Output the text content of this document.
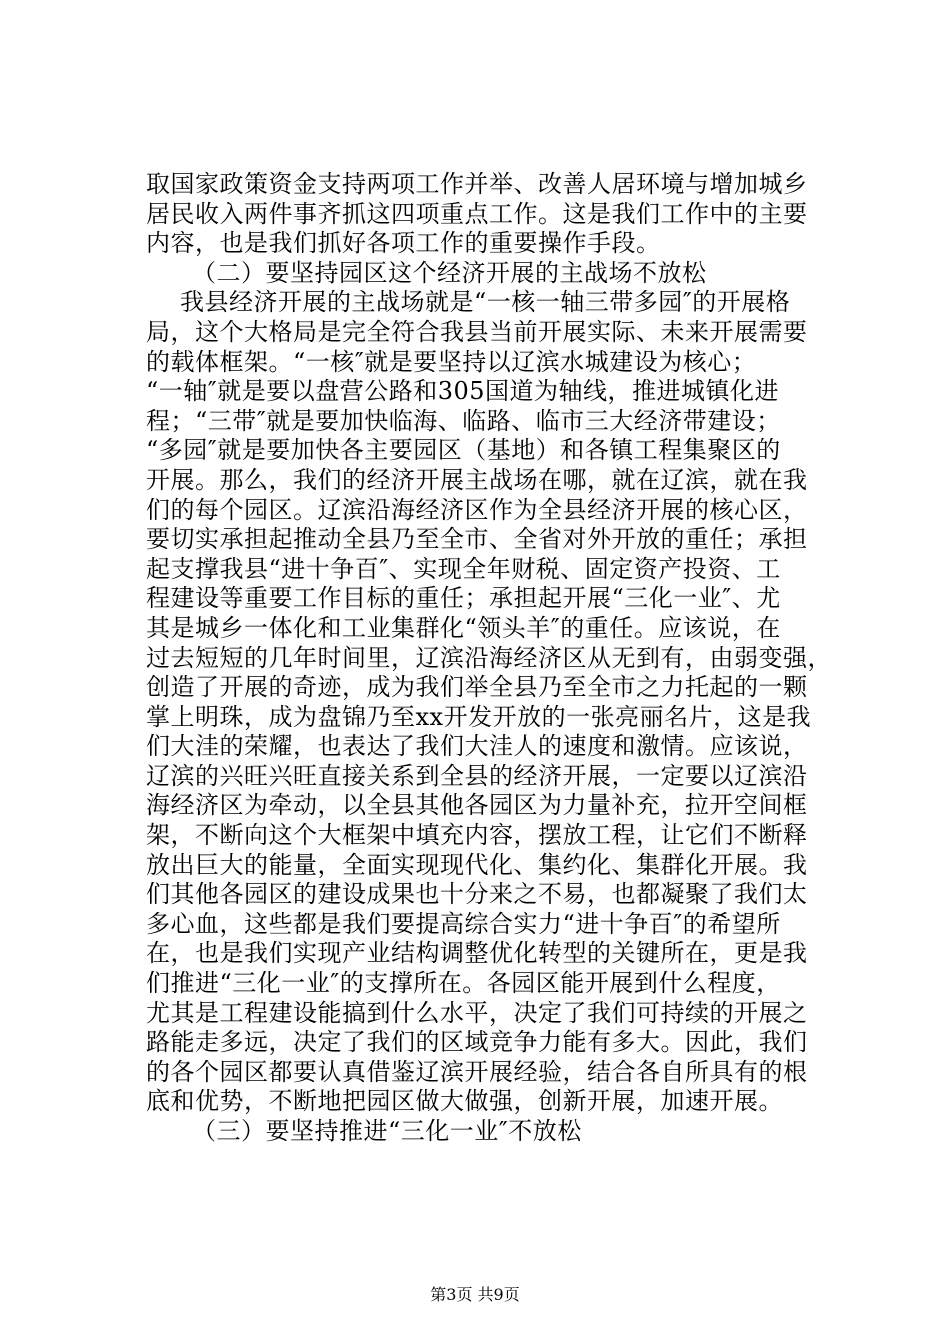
取国家政策资金支持两项工作并举、改善人居环境与增加城乡
居民收入两件事齐抓这四项重点工作。这是我们工作中的主要
内容，也是我们抓好各项工作的重要操作手段。
（二）要坚持园区这个经济开展的主战场不放松
我县经济开展的主战场就是“一核一轴三带多园″的开展格
局，这个大格局是完全符合我县当前开展实际、未来开展需要
的载体框架。“一核″就是要坚持以辽滨水城建设为核心；
“一轴″就是要以盘营公路和305国道为轴线，推进城镇化进
程；“三带″就是要加快临海、临路、临市三大经济带建设；
“多园″就是要加快各主要园区（基地）和各镇工程集聚区的
开展。那么，我们的经济开展主战场在哪，就在辽滨，就在我
们的每个园区。辽滨沿海经济区作为全县经济开展的核心区，
要切实承担起推动全县乃至全市、全省对外开放的重任；承担
起支撑我县“进十争百″、实现全年财税、固定资产投资、工
程建设等重要工作目标的重任；承担起开展“三化一业″、尤
其是城乡一体化和工业集群化“领头羊″的重任。应该说，在
过去短短的几年时间里，辽滨沿海经济区从无到有，由弱变强，
创造了开展的奇迹，成为我们举全县乃至全市之力托起的一颗
掌上明珠，成为盘锦乃至xx开发开放的一张亮丽名片，这是我
们大洼的荣耀，也表达了我们大洼人的速度和激情。应该说，
辽滨的兴旺兴旺直接关系到全县的经济开展，一定要以辽滨沿
海经济区为牵动，以全县其他各园区为力量补充，拉开空间框
架，不断向这个大框架中填充内容，摆放工程，让它们不断释
放出巨大的能量，全面实现现代化、集约化、集群化开展。我
们其他各园区的建设成果也十分来之不易，也都凝聚了我们太
多心血，这些都是我们要提高综合实力“进十争百″的希望所
在，也是我们实现产业结构调整优化转型的关键所在，更是我
们推进“三化一业″的支撑所在。各园区能开展到什么程度，
尤其是工程建设能搞到什么水平，决定了我们可持续的开展之
路能走多远，决定了我们的区域竞争力能有多大。因此，我们
的各个园区都要认真借鉴辽滨开展经验，结合各自所具有的根
底和优势，不断地把园区做大做强，创新开展，加速开展。
（三）要坚持推进“三化一业″不放松
第3页 共9页
